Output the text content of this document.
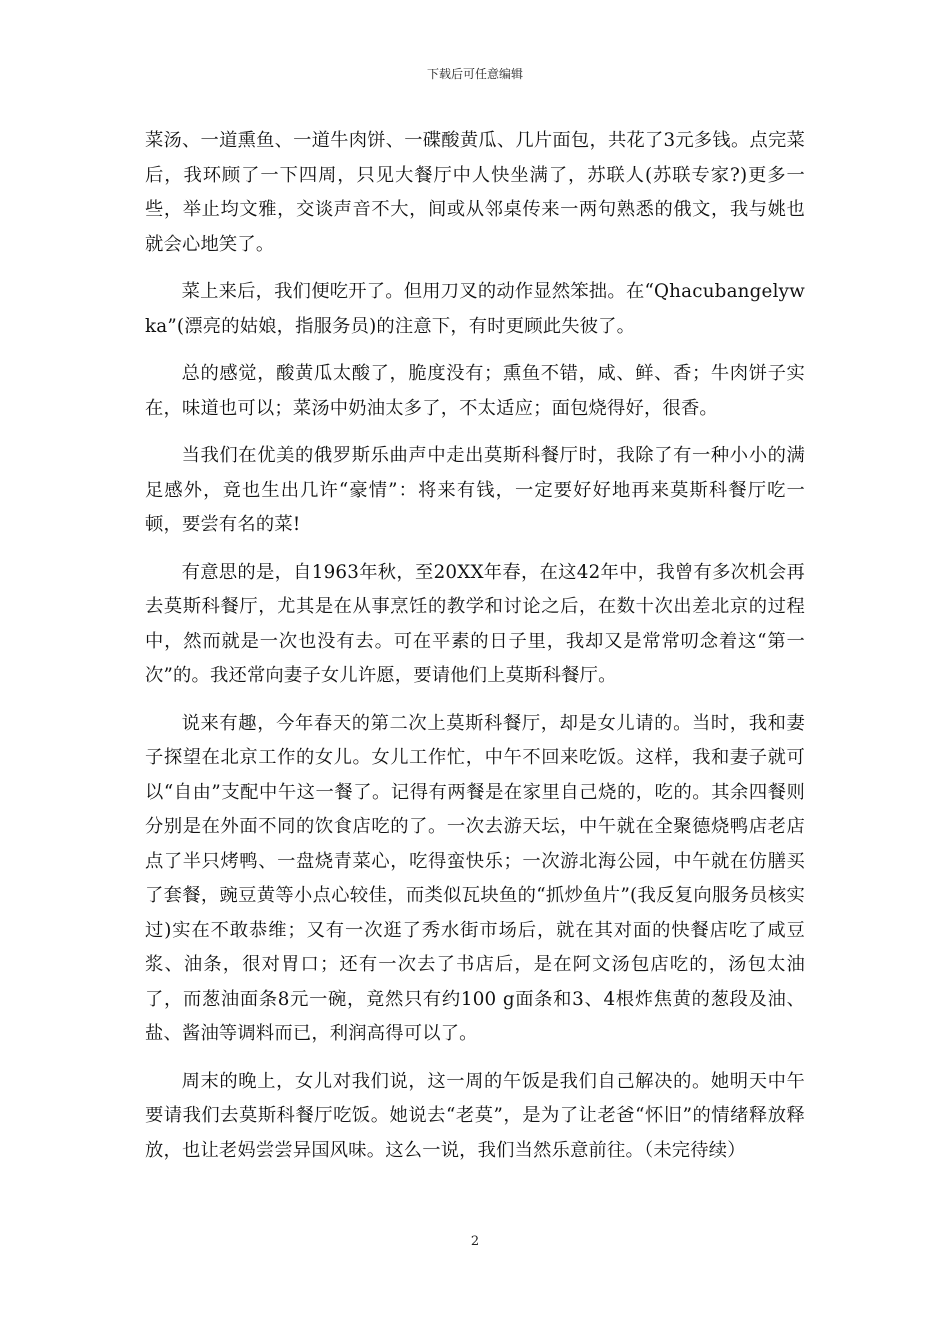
下载后可任意编辑

菜汤、一道熏鱼、一道牛肉饼、一碟酸黄瓜、几片面包，共花了3元多钱。点完菜后，我环顾了一下四周，只见大餐厅中人快坐满了，苏联人(苏联专家?)更多一些，举止均文雅，交谈声音不大，间或从邻桌传来一两句熟悉的俄文，我与姚也就会心地笑了。

菜上来后，我们便吃开了。但用刀叉的动作显然笨拙。在“Qhacubangelywka”(漂亮的姑娘，指服务员)的注意下，有时更顾此失彼了。

总的感觉，酸黄瓜太酸了，脆度没有；熏鱼不错，咸、鲜、香；牛肉饼子实在，味道也可以；菜汤中奶油太多了，不太适应；面包烧得好，很香。

当我们在优美的俄罗斯乐曲声中走出莫斯科餐厅时，我除了有一种小小的满足感外，竟也生出几许“豪情”：将来有钱，一定要好好地再来莫斯科餐厅吃一顿，要尝有名的菜!

有意思的是，自1963年秋，至20XX年春，在这42年中，我曾有多次机会再去莫斯科餐厅，尤其是在从事烹饪的教学和讨论之后，在数十次出差北京的过程中，然而就是一次也没有去。可在平素的日子里，我却又是常常叨念着这“第一次”的。我还常向妻子女儿许愿，要请他们上莫斯科餐厅。

说来有趣，今年春天的第二次上莫斯科餐厅，却是女儿请的。当时，我和妻子探望在北京工作的女儿。女儿工作忙，中午不回来吃饭。这样，我和妻子就可以“自由”支配中午这一餐了。记得有两餐是在家里自己烧的，吃的。其余四餐则分别是在外面不同的饮食店吃的了。一次去游天坛，中午就在全聚德烧鸭店老店点了半只烤鸭、一盘烧青菜心，吃得蛮快乐；一次游北海公园，中午就在仿膳买了套餐，豌豆黄等小点心较佳，而类似瓦块鱼的“抓炒鱼片”(我反复向服务员核实过)实在不敢恭维；又有一次逛了秀水街市场后，就在其对面的快餐店吃了咸豆浆、油条，很对胃口；还有一次去了书店后，是在阿文汤包店吃的，汤包太油了，而葱油面条8元一碗，竟然只有约100 g面条和3、4根炸焦黄的葱段及油、盐、酱油等调料而已，利润高得可以了。

周末的晚上，女儿对我们说，这一周的午饭是我们自己解决的。她明天中午要请我们去莫斯科餐厅吃饭。她说去“老莫”，是为了让老爸“怀旧”的情绪释放释放，也让老妈尝尝异国风味。这么一说，我们当然乐意前往。（未完待续）

2
